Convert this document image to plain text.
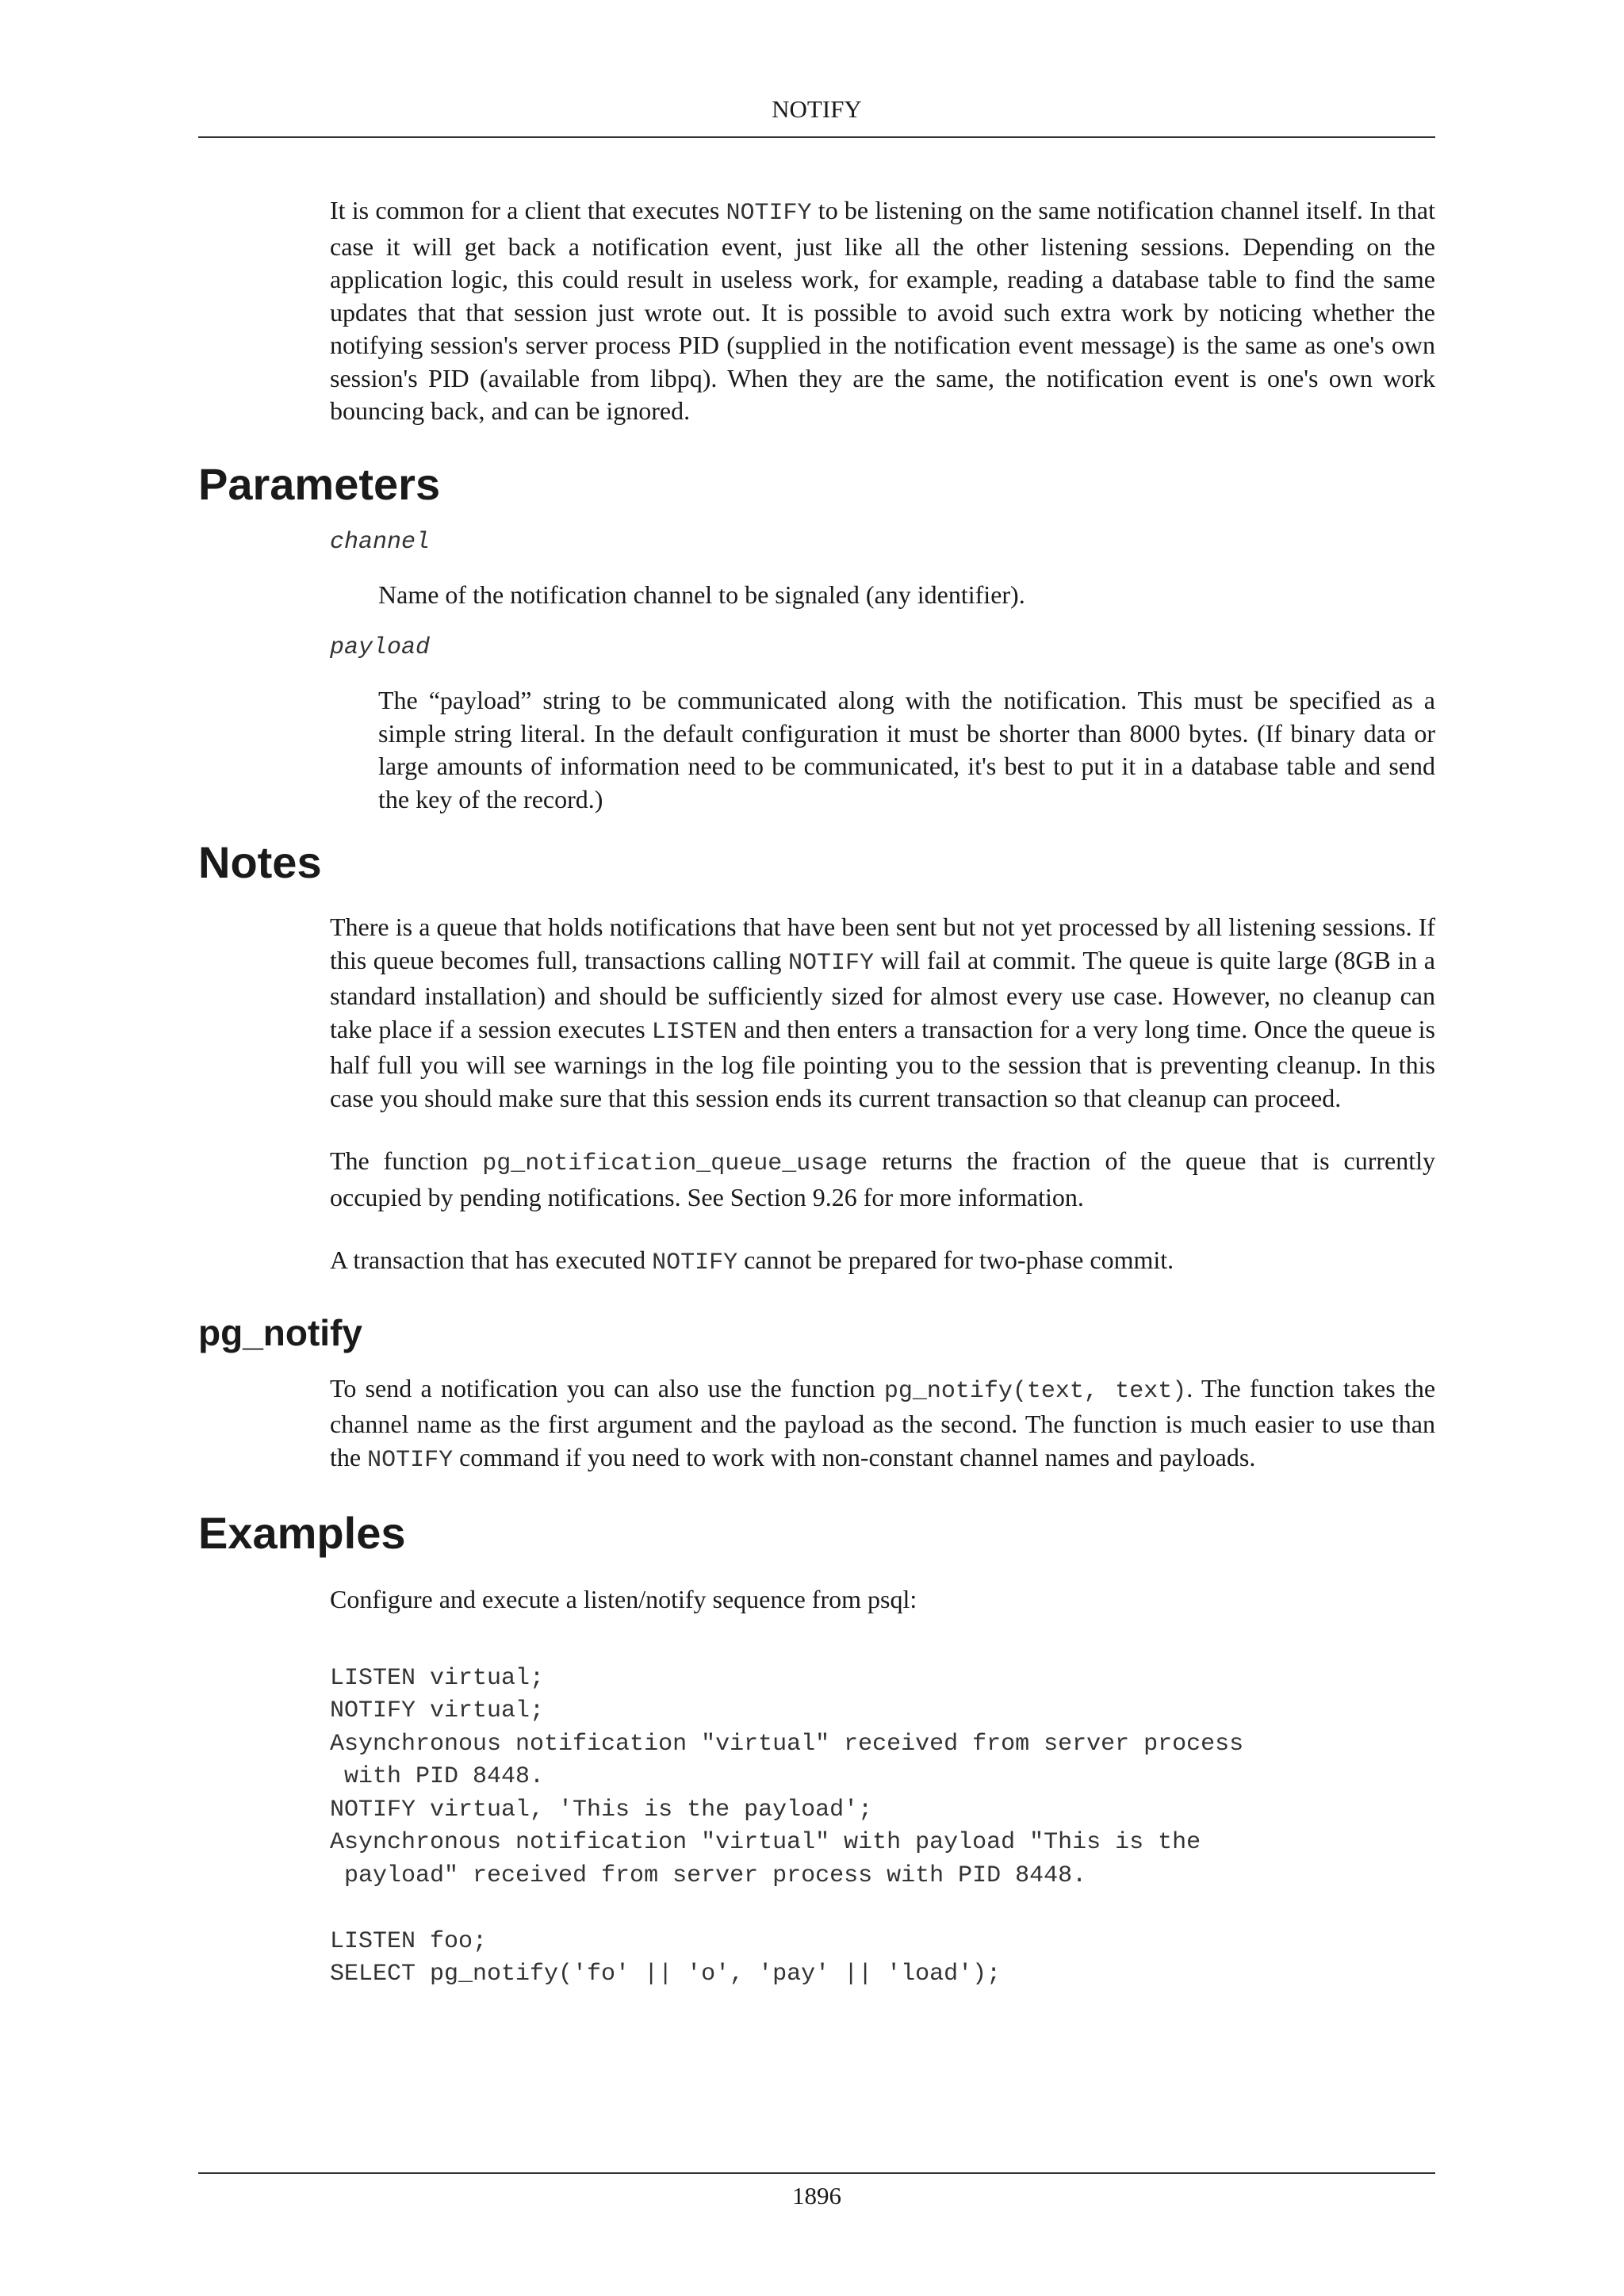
NOTIFY

It is common for a client that executes NOTIFY to be listening on the same notification channel itself. In that case it will get back a notification event, just like all the other listening sessions. Depending on the application logic, this could result in useless work, for example, reading a database table to find the same updates that that session just wrote out. It is possible to avoid such extra work by noticing whether the notifying session's server process PID (supplied in the notification event message) is the same as one's own session's PID (available from libpq). When they are the same, the notification event is one's own work bouncing back, and can be ignored.

Parameters
channel
Name of the notification channel to be signaled (any identifier).
payload
The “payload” string to be communicated along with the notification. This must be specified as a simple string literal. In the default configuration it must be shorter than 8000 bytes. (If binary data or large amounts of information need to be communicated, it's best to put it in a database table and send the key of the record.)
Notes

There is a queue that holds notifications that have been sent but not yet processed by all listening sessions. If this queue becomes full, transactions calling NOTIFY will fail at commit. The queue is quite large (8GB in a standard installation) and should be sufficiently sized for almost every use case. However, no cleanup can take place if a session executes LISTEN and then enters a transaction for a very long time. Once the queue is half full you will see warnings in the log file pointing you to the session that is preventing cleanup. In this case you should make sure that this session ends its current transaction so that cleanup can proceed.

The function pg_notification_queue_usage returns the fraction of the queue that is currently occupied by pending notifications. See Section 9.26 for more information.

A transaction that has executed NOTIFY cannot be prepared for two-phase commit.

pg_notify

To send a notification you can also use the function pg_notify(text, text). The function takes the channel name as the first argument and the payload as the second. The function is much easier to use than the NOTIFY command if you need to work with non-constant channel names and payloads.

Examples

Configure and execute a listen/notify sequence from psql:

LISTEN virtual;
NOTIFY virtual;
Asynchronous notification "virtual" received from server process
with PID 8448.
NOTIFY virtual, 'This is the payload';
Asynchronous notification "virtual" with payload "This is the
payload" received from server process with PID 8448.

LISTEN foo;
SELECT pg_notify('fo' || 'o', 'pay' || 'load');
1896
